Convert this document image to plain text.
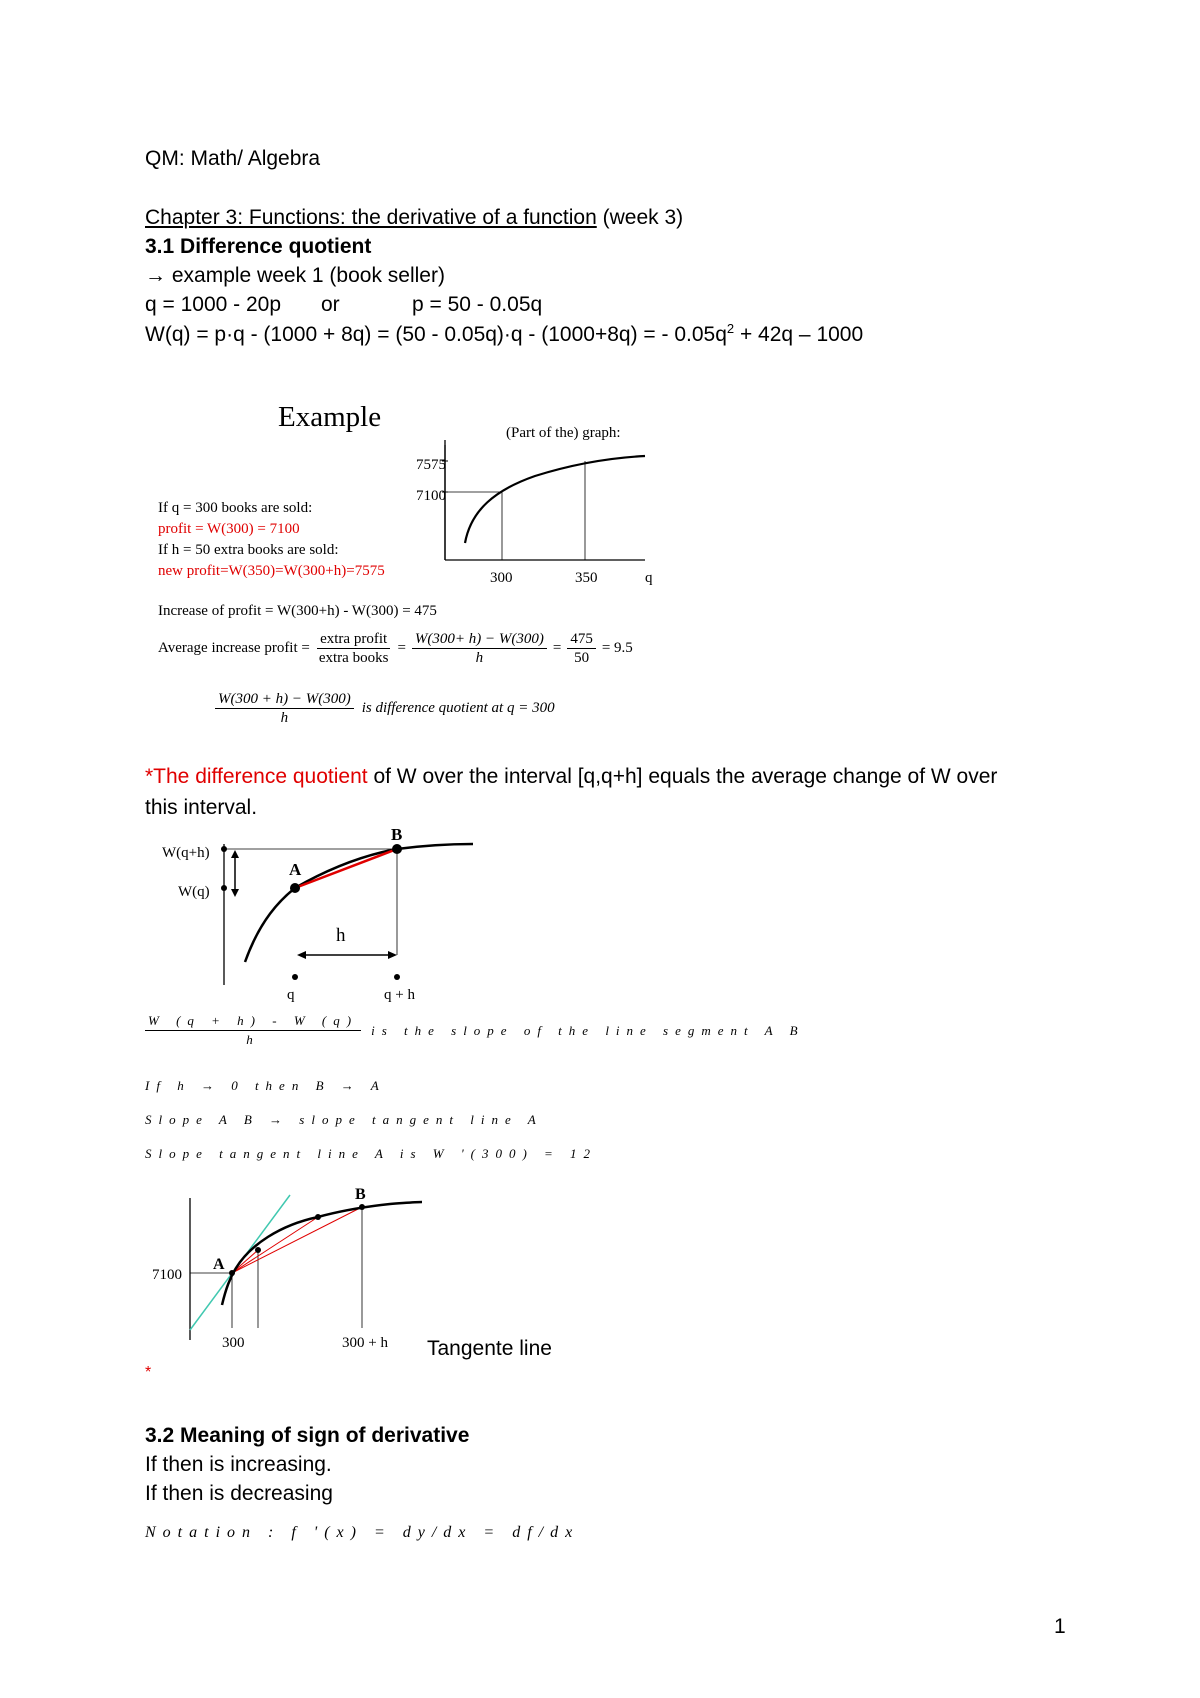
QM: Math/ Algebra
Chapter 3: Functions: the derivative of a function (week 3)
3.1 Difference quotient
→ example week 1 (book seller)
q = 1000 - 20p or	p = 50 - 0.05q
W(q) = p·q - (1000 + 8q) = (50 - 0.05q)·q - (1000+8q) = - $0.05q^2 + 42q - 1000$
Example	(Part of the) graph:
7575
7100
300	350	q
If q = 300 books are sold:
profit = W(300) = 7100
If h = 50 extra books are sold:
new profit=W(350)=W(300+h)=7575
Increase of profit = W(300+h) - W(300) = 475
Average increase profit = $\frac{\text{extra profit}}{\text{extra books}} = \frac{W(300+ h) - W(300)}{h} = \frac{475}{50} = 9.5$
$\frac{W(300 + h) - W(300)}{h}$ is difference quotient at q = 300
*The difference quotient of W over the interval [q,q+h] equals the average change of W over
this interval.
W(q+h)
W(q)
A
B
h
q	q + h
$\frac{W (q + h) - W (q)}{h}$ is the slope of the line segment A B
If h → 0 then B → A
Slope A B → slope tangent line A
Slope tangent line A is W '(300) = 12
A
B
7100
300	300 + h Tangente line
*
3.2 Meaning of sign of derivative
If then is increasing.
If then is decreasing
Notation : f '(x) = dy/dx = df/dx
1
